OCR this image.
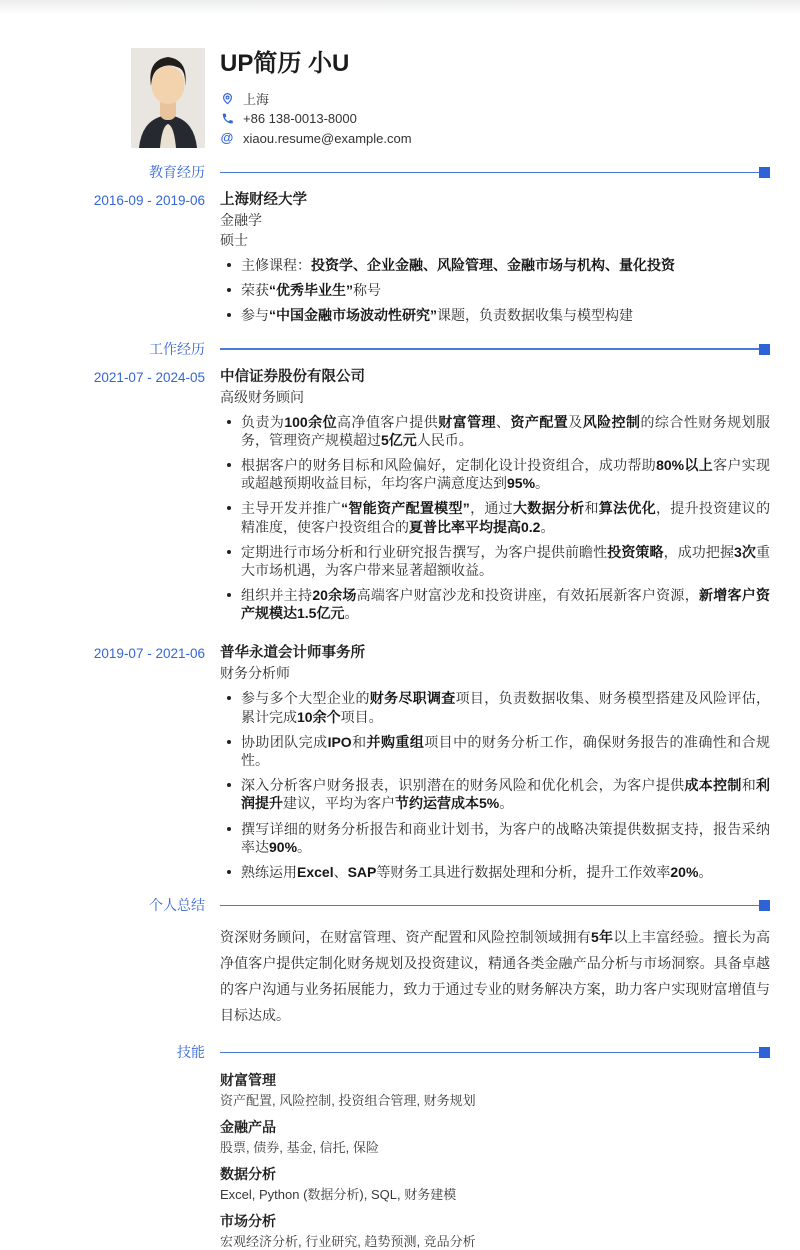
UP简历 小U
上海
+86 138-0013-8000
@ xiaou.resume@example.com
教育经历
2016-09 - 2019-06 上海财经大学
金融学
硕士
主修课程：投资学、企业金融、风险管理、金融市场与机构、量化投资
荣获“优秀毕业生”称号
参与“中国金融市场波动性研究”课题，负责数据收集与模型构建
工作经历
2021-07 - 2024-05 中信证券股份有限公司
高级财务顾问
负责为100余位高净值客户提供财富管理、资产配置及风险控制的综合性财务规划服务，管理资产规模超过5亿元人民币。
根据客户的财务目标和风险偏好，定制化设计投资组合，成功帮助80%以上客户实现或超越预期收益目标，年均客户满意度达到95%。
主导开发并推广“智能资产配置模型”，通过大数据分析和算法优化，提升投资建议的精准度，使客户投资组合的夏普比率平均提高0.2。
定期进行市场分析和行业研究报告撰写，为客户提供前瞻性投资策略，成功把握3次重大市场机遇，为客户带来显著超额收益。
组织并主持20余场高端客户财富沙龙和投资讲座，有效拓展新客户资源，新增客户资产规模达1.5亿元。
2019-07 - 2021-06 普华永道会计师事务所
财务分析师
参与多个大型企业的财务尽职调查项目，负责数据收集、财务模型搭建及风险评估，累计完成10余个项目。
协助团队完成IPO和并购重组项目中的财务分析工作，确保财务报告的准确性和合规性。
深入分析客户财务报表，识别潜在的财务风险和优化机会，为客户提供成本控制和利润提升建议，平均为客户节约运营成本5%。
撰写详细的财务分析报告和商业计划书，为客户的战略决策提供数据支持，报告采纳率达90%。
熟练运用Excel、SAP等财务工具进行数据处理和分析，提升工作效率20%。
个人总结

资深财务顾问，在财富管理、资产配置和风险控制领域拥有5年以上丰富经验。擅长为高净值客户提供定制化财务规划及投资建议，精通各类金融产品分析与市场洞察。具备卓越的客户沟通与业务拓展能力，致力于通过专业的财务解决方案，助力客户实现财富增值与目标达成。

技能
财富管理
资产配置, 风险控制, 投资组合管理, 财务规划
金融产品
股票, 债券, 基金, 信托, 保险
数据分析
Excel, Python (数据分析), SQL, 财务建模
市场分析
宏观经济分析, 行业研究, 趋势预测, 竞品分析
